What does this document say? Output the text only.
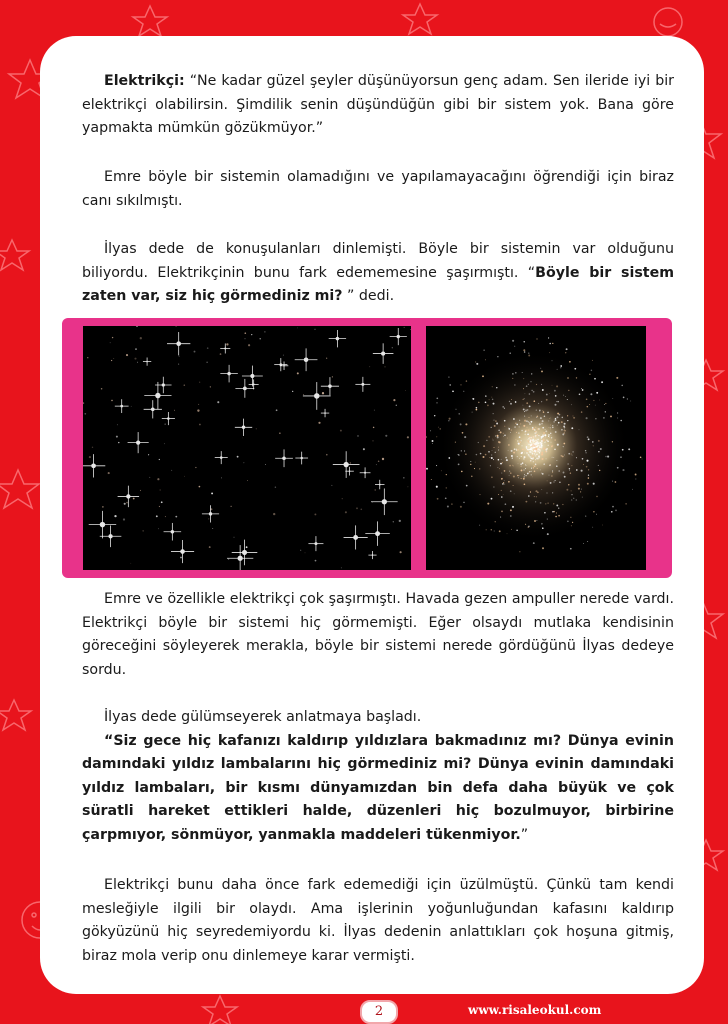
Elektrikçi: “Ne kadar güzel şeyler düşünüyorsun genç adam. Sen ileride iyi bir elektrikçi olabilirsin. Şimdilik senin düşündüğün gibi bir sistem yok. Bana göre yapmakta mümkün gözükmüyor.”

Emre böyle bir sistemin olamadığını ve yapılamayacağını öğrendiği için biraz canı sıkılmıştı.

İlyas dede de konuşulanları dinlemişti. Böyle bir sistemin var olduğunu biliyordu. Elektrikçinin bunu fark edememesine şaşırmıştı. “Böyle bir sistem zaten var, siz hiç görmediniz mi? ” dedi.

Emre ve özellikle elektrikçi çok şaşırmıştı. Havada gezen ampuller nerede vardı. Elektrikçi böyle bir sistemi hiç görmemişti. Eğer olsaydı mutlaka kendisinin göreceğini söyleyerek merakla, böyle bir sistemi nerede gördüğünü İlyas dedeye sordu.

İlyas dede gülümseyerek anlatmaya başladı.
“Siz gece hiç kafanızı kaldırıp yıldızlara bakmadınız mı? Dünya evinin damındaki yıldız lambalarını hiç görmediniz mi? Dünya evinin damındaki yıldız lambaları, bir kısmı dünyamızdan bin defa daha büyük ve çok süratli hareket ettikleri halde, düzenleri hiç bozulmuyor, birbirine çarpmıyor, sönmüyor, yanmakla maddeleri tükenmiyor.”

Elektrikçi bunu daha önce fark edemediği için üzülmüştü. Çünkü tam kendi mesleğiyle ilgili bir olaydı. Ama işlerinin yoğunluğundan kafasını kaldırıp gökyüzünü hiç seyredemiyordu ki. İlyas dedenin anlattıkları çok hoşuna gitmiş, biraz mola verip onu dinlemeye karar vermişti.

2	www.risaleokul.com
